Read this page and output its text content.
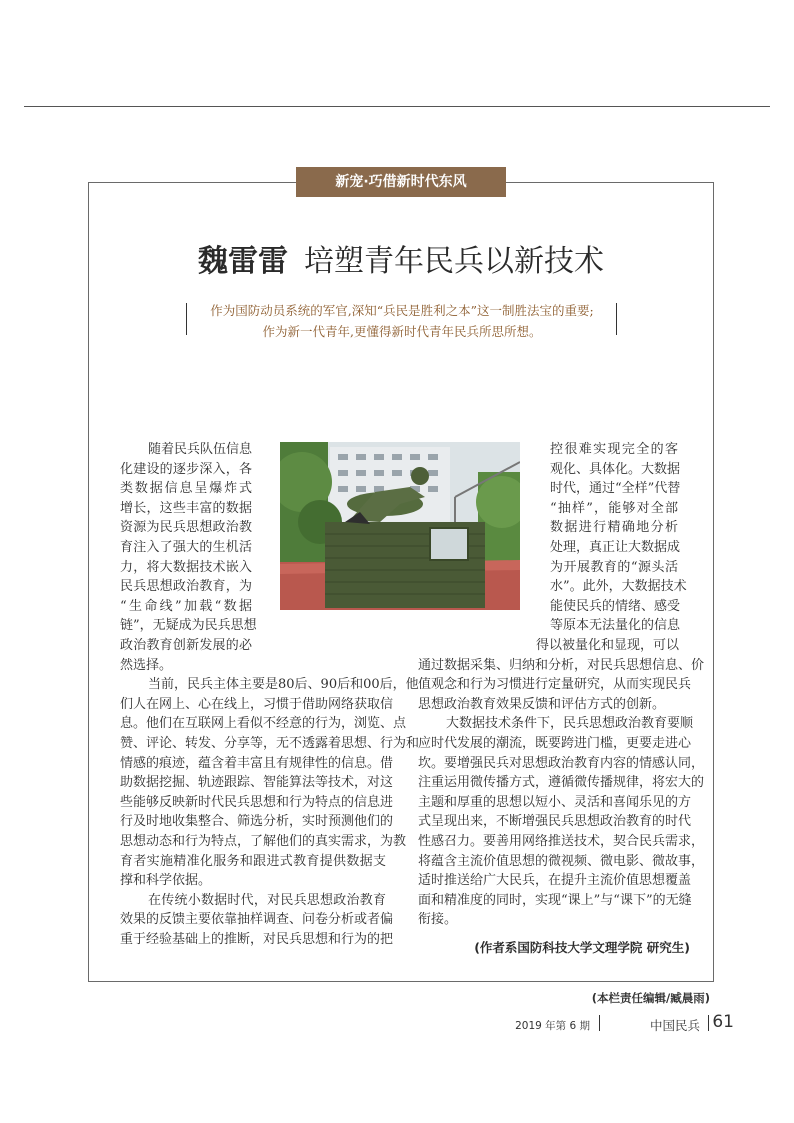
新宠·巧借新时代东风
魏雷雷 培塑青年民兵以新技术
作为国防动员系统的军官,深知“兵民是胜利之本”这一制胜法宝的重要;
作为新一代青年,更懂得新时代青年民兵所思所想。
随着民兵队伍信息
化建设的逐步深入，各
类数据信息呈爆炸式
增长，这些丰富的数据
资源为民兵思想政治教
育注入了强大的生机活
力，将大数据技术嵌入
民兵思想政治教育，为
“生命线”加载“数据
链”，无疑成为民兵思想
政治教育创新发展的必
然选择。
当前，民兵主体主要是80后、90后和00后，他
们人在网上、心在线上，习惯于借助网络获取信
息。他们在互联网上看似不经意的行为，浏览、点
赞、评论、转发、分享等，无不透露着思想、行为和
情感的痕迹，蕴含着丰富且有规律性的信息。借
助数据挖掘、轨迹跟踪、智能算法等技术，对这
些能够反映新时代民兵思想和行为特点的信息进
行及时地收集整合、筛选分析，实时预测他们的
思想动态和行为特点，了解他们的真实需求，为教
育者实施精准化服务和跟进式教育提供数据支
撑和科学依据。
在传统小数据时代，对民兵思想政治教育
效果的反馈主要依靠抽样调查、问卷分析或者偏
重于经验基础上的推断，对民兵思想和行为的把
控很难实现完全的客
观化、具体化。大数据
时代，通过“全样”代替
“抽样”，能够对全部
数据进行精确地分析
处理，真正让大数据成
为开展教育的“源头活
水”。此外，大数据技术
能使民兵的情绪、感受
等原本无法量化的信息
得以被量化和显现，可以
通过数据采集、归纳和分析，对民兵思想信息、价
值观念和行为习惯进行定量研究，从而实现民兵
思想政治教育效果反馈和评估方式的创新。
大数据技术条件下，民兵思想政治教育要顺
应时代发展的潮流，既要跨进门槛，更要走进心
坎。要增强民兵对思想政治教育内容的情感认同，
注重运用微传播方式，遵循微传播规律，将宏大的
主题和厚重的思想以短小、灵活和喜闻乐见的方
式呈现出来，不断增强民兵思想政治教育的时代
性感召力。要善用网络推送技术，契合民兵需求，
将蕴含主流价值思想的微视频、微电影、微故事，
适时推送给广大民兵，在提升主流价值思想覆盖
面和精准度的同时，实现“课上”与“课下”的无缝
衔接。
(作者系国防科技大学文理学院 研究生)
(本栏责任编辑/臧晨雨)
2019 年第 6 期	中国民兵 61
